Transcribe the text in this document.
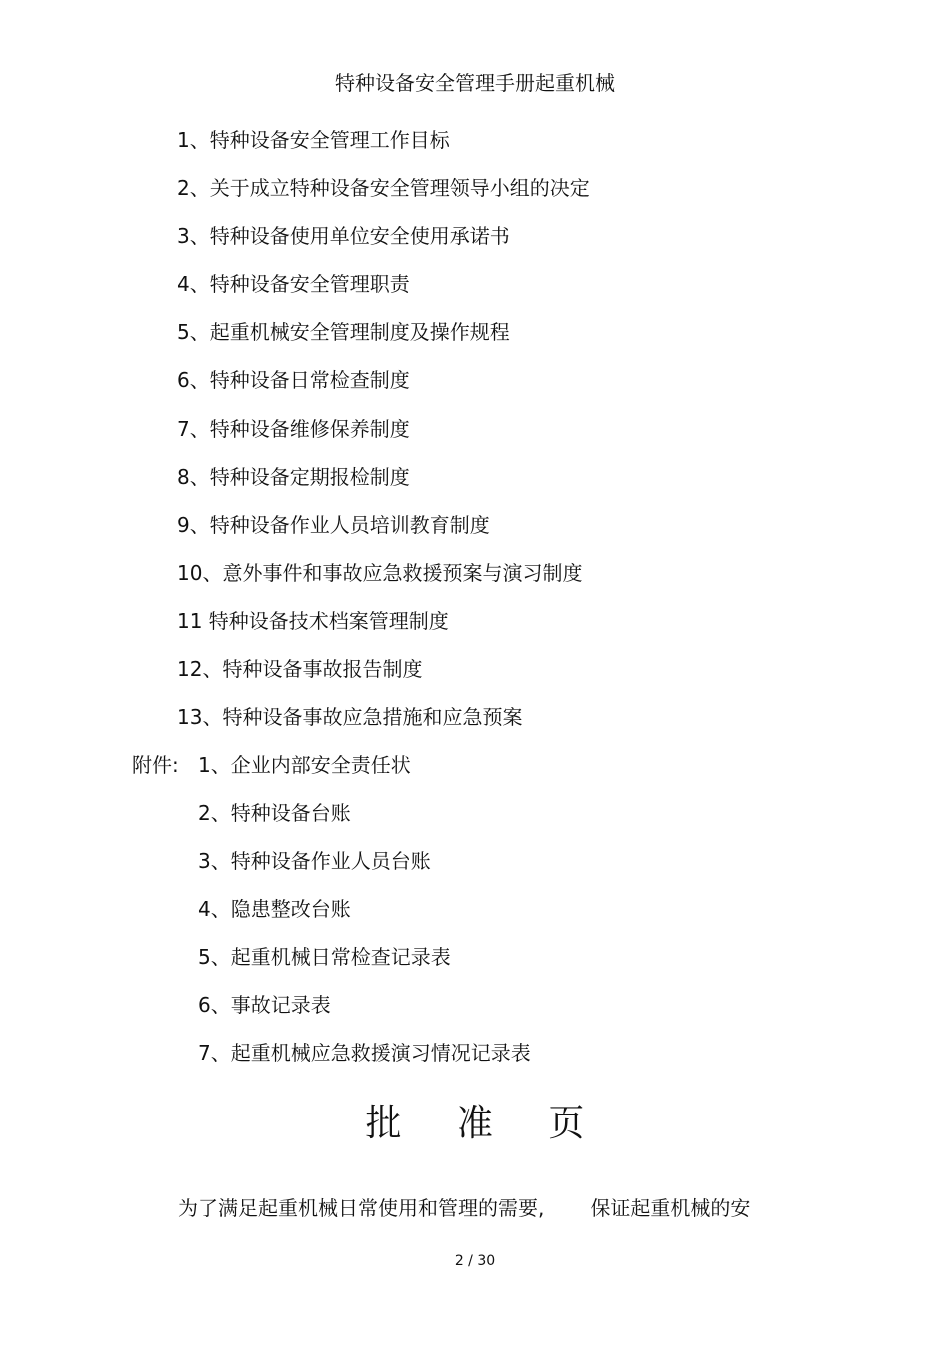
特种设备安全管理手册起重机械
1、特种设备安全管理工作目标
2、关于成立特种设备安全管理领导小组的决定
3、特种设备使用单位安全使用承诺书
4、特种设备安全管理职责
5、起重机械安全管理制度及操作规程
6、特种设备日常检查制度
7、特种设备维修保养制度
8、特种设备定期报检制度
9、特种设备作业人员培训教育制度
10、意外事件和事故应急救援预案与演习制度
11 特种设备技术档案管理制度
12、特种设备事故报告制度
13、特种设备事故应急措施和应急预案
附件: 1、企业内部安全责任状
2、特种设备台账
3、特种设备作业人员台账
4、隐患整改台账
5、起重机械日常检查记录表
6、事故记录表
7、起重机械应急救援演习情况记录表
批 准 页
为了满足起重机械日常使用和管理的需要, 保证起重机械的安
2 / 30
